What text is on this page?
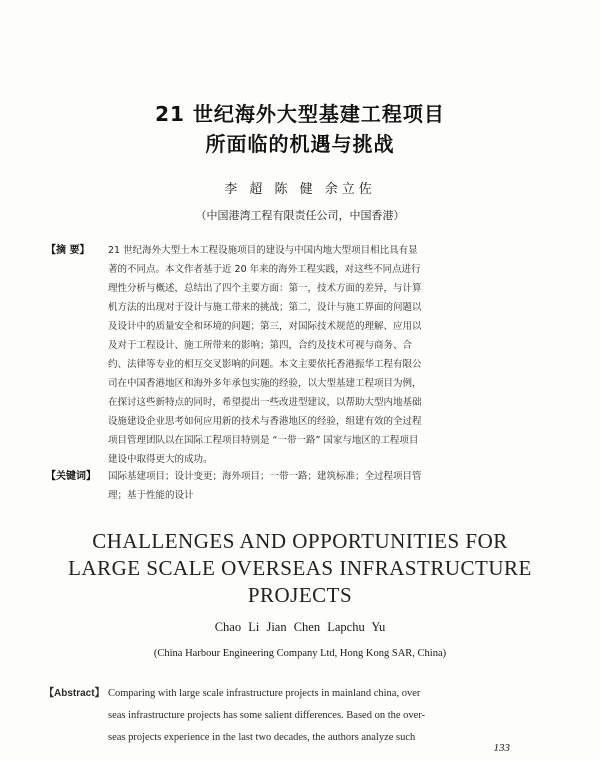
21 世纪海外大型基建工程项目
所面临的机遇与挑战
李 超 陈 健 余立佐
（中国港湾工程有限责任公司，中国香港）
【摘 要】 21 世纪海外大型土木工程设施项目的建设与中国内地大型项目相比具有显
著的不同点。本文作者基于近 20 年来的海外工程实践，对这些不同点进行
理性分析与概述，总结出了四个主要方面：第一，技术方面的差异，与计算
机方法的出现对于设计与施工带来的挑战；第二，设计与施工界面的问题以
及设计中的质量安全和环境的问题；第三，对国际技术规范的理解、应用以
及对于工程设计、施工所带来的影响；第四，合约及技术可视与商务、合
约、法律等专业的相互交叉影响的问题。本文主要依托香港振华工程有限公
司在中国香港地区和海外多年承包实施的经验，以大型基建工程项目为例，
在探讨这些新特点的同时，希望提出一些改进型建议，以帮助大型内地基础
设施建设企业思考如何应用新的技术与香港地区的经验，组建有效的全过程
项目管理团队以在国际工程项目特别是 “一带一路” 国家与地区的工程项目
建设中取得更大的成功。
【关键词】 国际基建项目；设计变更；海外项目；一带一路；建筑标准；全过程项目管
理；基于性能的设计
CHALLENGES AND OPPORTUNITIES FOR
LARGE SCALE OVERSEAS INFRASTRUCTURE
PROJECTS
Chao Li Jian Chen Lapchu Yu
(China Harbour Engineering Company Ltd, Hong Kong SAR, China)
【Abstract】 Comparing with large scale infrastructure projects in mainland china, over
seas infrastructure projects has some salient differences. Based on the over-
seas projects experience in the last two decades, the authors analyze such
133
